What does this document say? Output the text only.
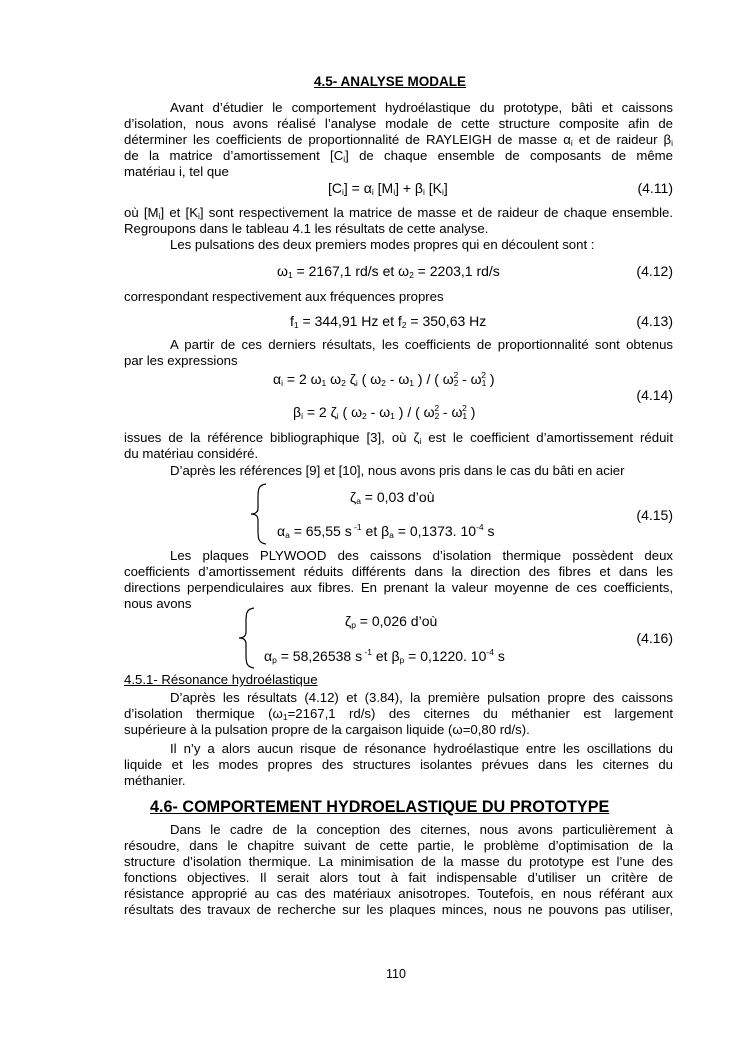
4.5- ANALYSE MODALE
Avant d’étudier le comportement hydroélastique du prototype, bâti et caissons
d’isolation, nous avons réalisé l’analyse modale de cette structure composite afin de
déterminer les coefficients de proportionnalité de RAYLEIGH de masse $\alpha_i$ et de raideur $\beta_i$
de la matrice d’amortissement $[C_i]$ de chaque ensemble de composants de même
matériau i, tel que
$[C_i] = \alpha_i$ $[M_i] + \beta_i$ $[K_i]$	(4.11)
où $[M_i]$ et $[K_i]$ sont respectivement la matrice de masse et de raideur de chaque ensemble.
Regroupons dans le tableau 4.1 les résultats de cette analyse.
Les pulsations des deux premiers modes propres qui en découlent sont :
$\omega_1 = 2167,1$ rd/s et $\omega_2 = 2203,1$ rd/s	(4.12)
correspondant respectivement aux fréquences propres
$f_1 = 344,91$ Hz et $f_2 = 350,63$ Hz	(4.13)
A partir de ces derniers résultats, les coefficients de proportionnalité sont obtenus
par les expressions
$\alpha_i = 2$ $\omega_1$ $\omega_2$ $\zeta_i$ ( $\omega_2 - \omega_1$ ) / ( $\omega_2^2 - \omega_1^2$ )
(4.14)
$\beta_i = 2$ $\zeta_i$ ( $\omega_2 - \omega_1$ ) / ( $\omega_2^2 - \omega_1^2$ )
issues de la référence bibliographique [3], où $\zeta_i$ est le coefficient d’amortissement réduit
du matériau considéré.
D’après les références [9] et [10], nous avons pris dans le cas du bâti en acier
$\zeta_a = 0,03$ d’où
(4.15)
$\alpha_a = 65,55$ s $^{-1}$ et $\beta_a = 0,1373$. $10^{-4}$ s
Les plaques PLYWOOD des caissons d’isolation thermique possèdent deux
coefficients d’amortissement réduits différents dans la direction des fibres et dans les
directions perpendiculaires aux fibres. En prenant la valeur moyenne de ces coefficients,
nous avons
$\zeta_p = 0,026$ d’où
(4.16)
$\alpha_p = 58,26538$ s $^{-1}$ et $\beta_p = 0,1220$. $10^{-4}$ s
4.5.1- Résonance hydroélastique
D’après les résultats (4.12) et (3.84), la première pulsation propre des caissons
d’isolation thermique ($\omega_1=2167,1$ rd/s) des citernes du méthanier est largement
supérieure à la pulsation propre de la cargaison liquide (ω=0,80 rd/s).
Il n’y a alors aucun risque de résonance hydroélastique entre les oscillations du
liquide et les modes propres des structures isolantes prévues dans les citernes du
méthanier.
4.6- COMPORTEMENT HYDROELASTIQUE DU PROTOTYPE
Dans le cadre de la conception des citernes, nous avons particulièrement à
résoudre, dans le chapitre suivant de cette partie, le problème d’optimisation de la
structure d’isolation thermique. La minimisation de la masse du prototype est l’une des
fonctions objectives. Il serait alors tout à fait indispensable d’utiliser un critère de
résistance approprié au cas des matériaux anisotropes. Toutefois, en nous référant aux
résultats des travaux de recherche sur les plaques minces, nous ne pouvons pas utiliser,
110
